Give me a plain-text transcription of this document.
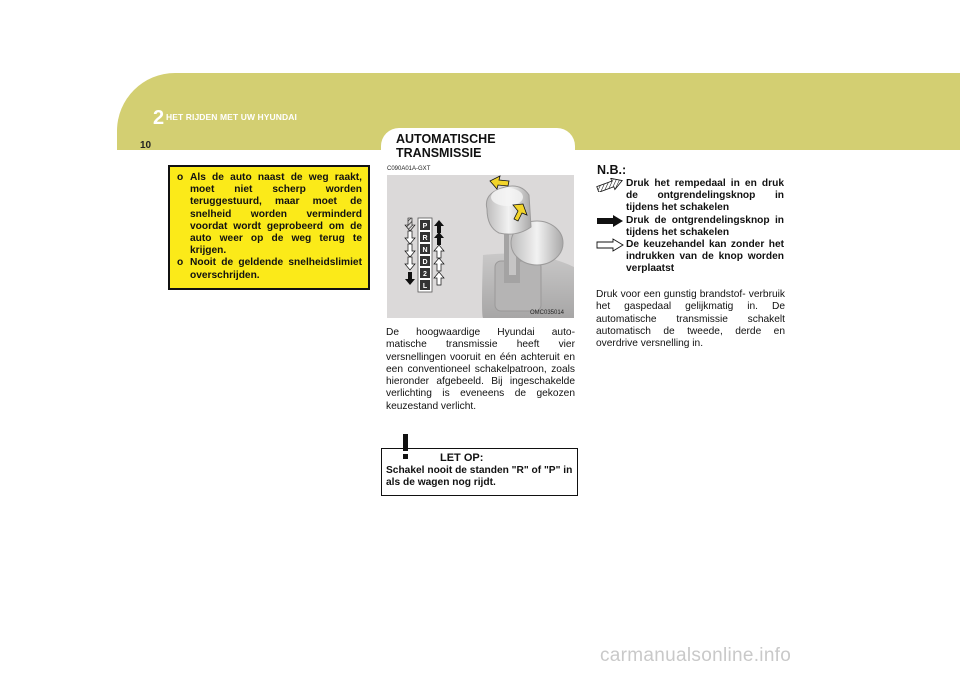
2 HET RIJDEN MET UW HYUNDAI
10
o Als de auto naast de weg raakt, moet niet scherp worden teruggestuurd, maar moet de snelheid worden verminderd voordat wordt geprobeerd om de auto weer op de weg terug te krijgen.
o Nooit de geldende snelheidslimiet overschrijden.
AUTOMATISCHE TRANSMISSIE
C090A01A-GXT
P
R
N
D
2
L
OMC035014
De hoogwaardige Hyundai auto- matische transmissie heeft vier versnellingen vooruit en één achteruit en een conventioneel schakelpatroon, zoals hieronder afgebeeld. Bij ingeschakelde verlichting is eveneens de gekozen keuzestand verlicht.
LET OP:
Schakel nooit de standen "R" of "P" in als de wagen nog rijdt.
N.B.:

Druk het rempedaal in en druk de ontgrendelingsknop in tijdens het schakelen

Druk de ontgrendelingsknop in tijdens het schakelen

De keuzehandel kan zonder het indrukken van de knop worden verplaatst

Druk voor een gunstig brandstof- verbruik het gaspedaal gelijkmatig in. De automatische transmissie schakelt automatisch de tweede, derde en overdrive versnelling in.
carmanualsonline.info
